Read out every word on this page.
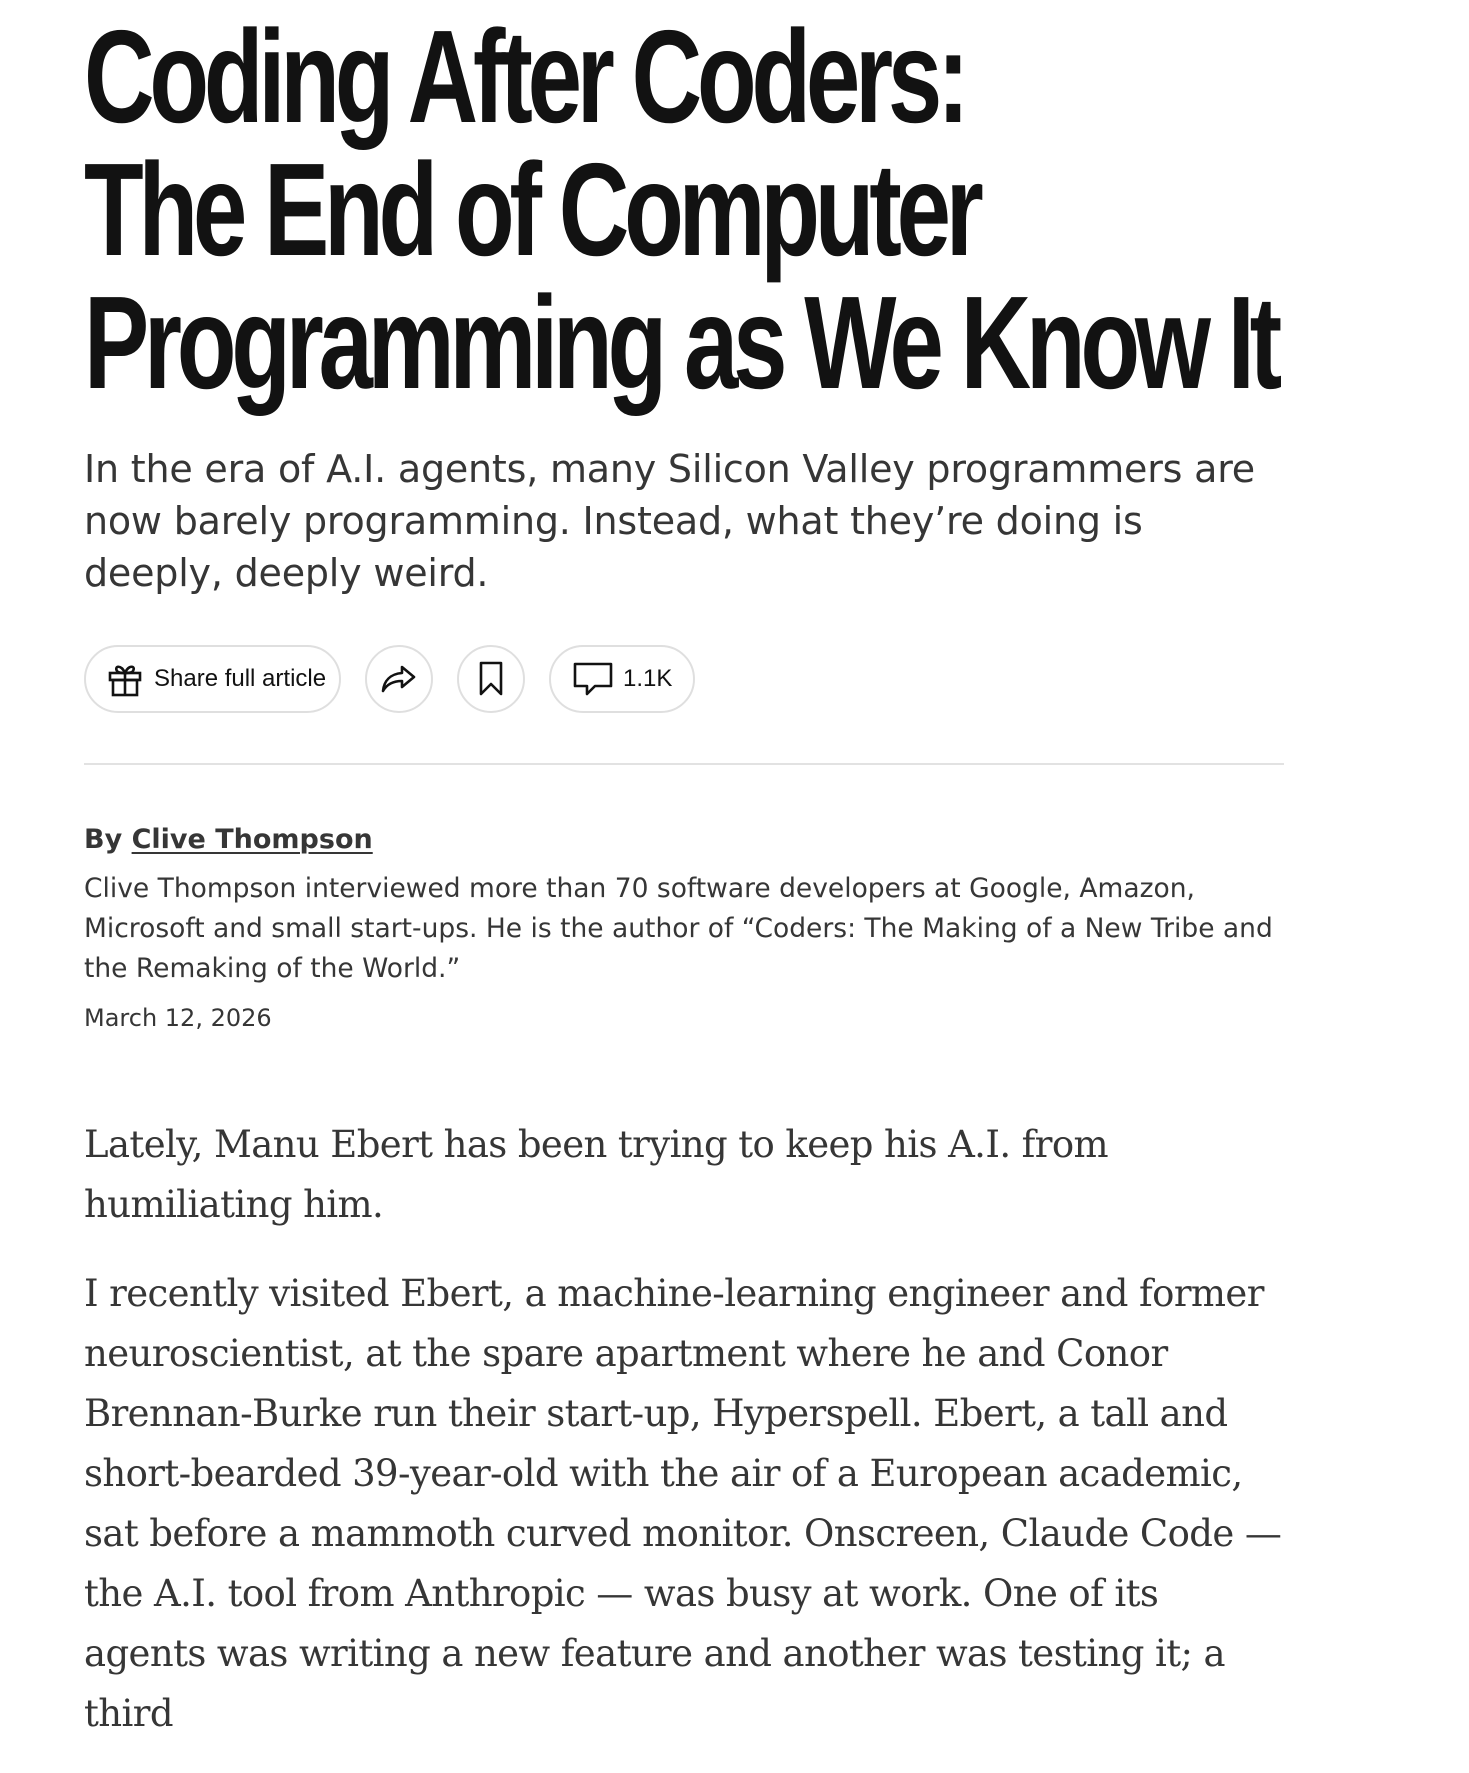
Coding After Coders:
The End of Computer
Programming as We Know It

In the era of A.I. agents, many Silicon Valley programmers are now barely programming. Instead, what they’re doing is deeply, deeply weird.

Share full article	1.1K
By Clive Thompson
Clive Thompson interviewed more than 70 software developers at Google, Amazon, Microsoft and small start-ups. He is the author of “Coders: The Making of a New Tribe and the Remaking of the World.”
March 12, 2026

Lately, Manu Ebert has been trying to keep his A.I. from humiliating him.

I recently visited Ebert, a machine-learning engineer and former neuroscientist, at the spare apartment where he and Conor Brennan-Burke run their start-up, Hyperspell. Ebert, a tall and short-bearded 39-year-old with the air of a European academic, sat before a mammoth curved monitor. Onscreen, Claude Code — the A.I. tool from Anthropic — was busy at work. One of its agents was writing a new feature and another was testing it; a third
